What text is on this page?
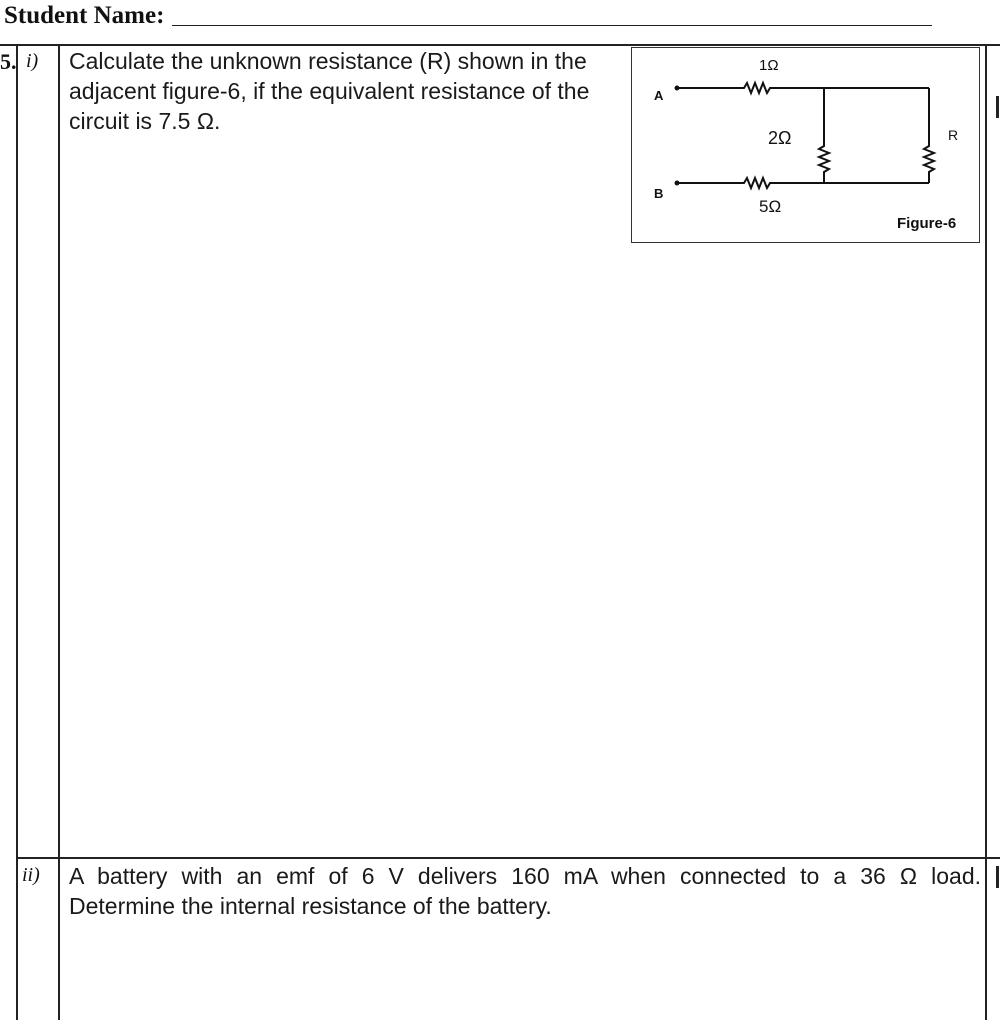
Student Name:
5. i) Calculate the unknown resistance (R) shown in the
adjacent figure-6, if the equivalent resistance of the
circuit is 7.5 Ω.
A
B
1Ω
2Ω	R
5Ω
Figure-6
ii) A battery with an emf of 6 V delivers 160 mA when connected to a 36 Ω load.
Determine the internal resistance of the battery.
